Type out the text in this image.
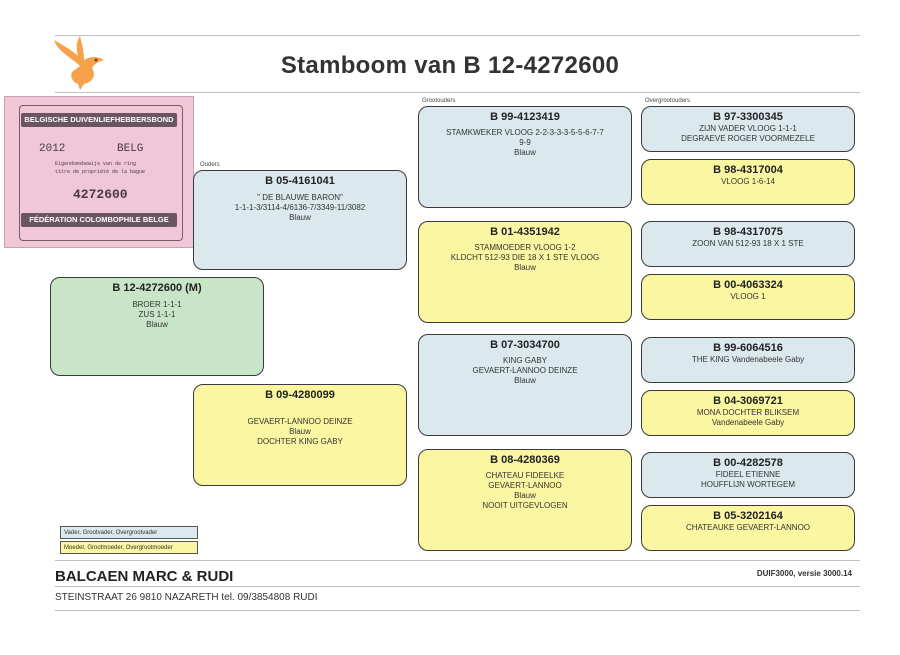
Stamboom van B 12-4272600
Ouders
Grootouders	Overgrootouders
BELGISCHE DUIVENLIEFHEBBERSBOND
2012	BELG
Eigendomsbewijs van de ring
titre de propriété de la bague
4272600
FÉDÉRATION COLOMBOPHILE BELGE
B 12-4272600 (M)
BROER 1-1-1
ZUS 1-1-1
Blauw
B 05-4161041
" DE BLAUWE BARON"
1-1-1-3/3114-4/6136-7/3349-11/3082
Blauw
B 09-4280099
GEVAERT-LANNOO DEINZE
Blauw
DOCHTER KING GABY
B 99-4123419
STAMKWEKER VLOOG 2-2-3-3-3-5-5-6-7-7
9-9
Blauw
B 01-4351942
STAMMOEDER VLOOG 1-2
KLDCHT 512-93 DIE 18 X 1 STE VLOOG
Blauw
B 07-3034700
KING GABY
GEVAERT-LANNOO DEINZE
Blauw
B 08-4280369
CHATEAU FIDEELKE
GEVAERT-LANNOO
Blauw
NOOIT UITGEVLOGEN
B 97-3300345
ZIJN VADER VLOOG 1-1-1
DEGRAEVE ROGER VOORMEZELE
B 98-4317004
VLOOG 1-6-14
B 98-4317075
ZOON VAN 512-93 18 X 1 STE
B 00-4063324
VLOOG 1
B 99-6064516
THE KING Vandenabeele Gaby
B 04-3069721
MONA DOCHTER BLIKSEM
Vandenabeele Gaby
B 00-4282578
FIDEEL ETIENNE
HOUFFLIJN WORTEGEM
B 05-3202164
CHATEAUKE GEVAERT-LANNOO
Vader, Grootvader, Overgrootvader
Moeder, Grootmoeder, Overgrootmoeder
BALCAEN MARC & RUDI	DUIF3000, versie 3000.14
STEINSTRAAT 26 9810 NAZARETH tel. 09/3854808 RUDI
